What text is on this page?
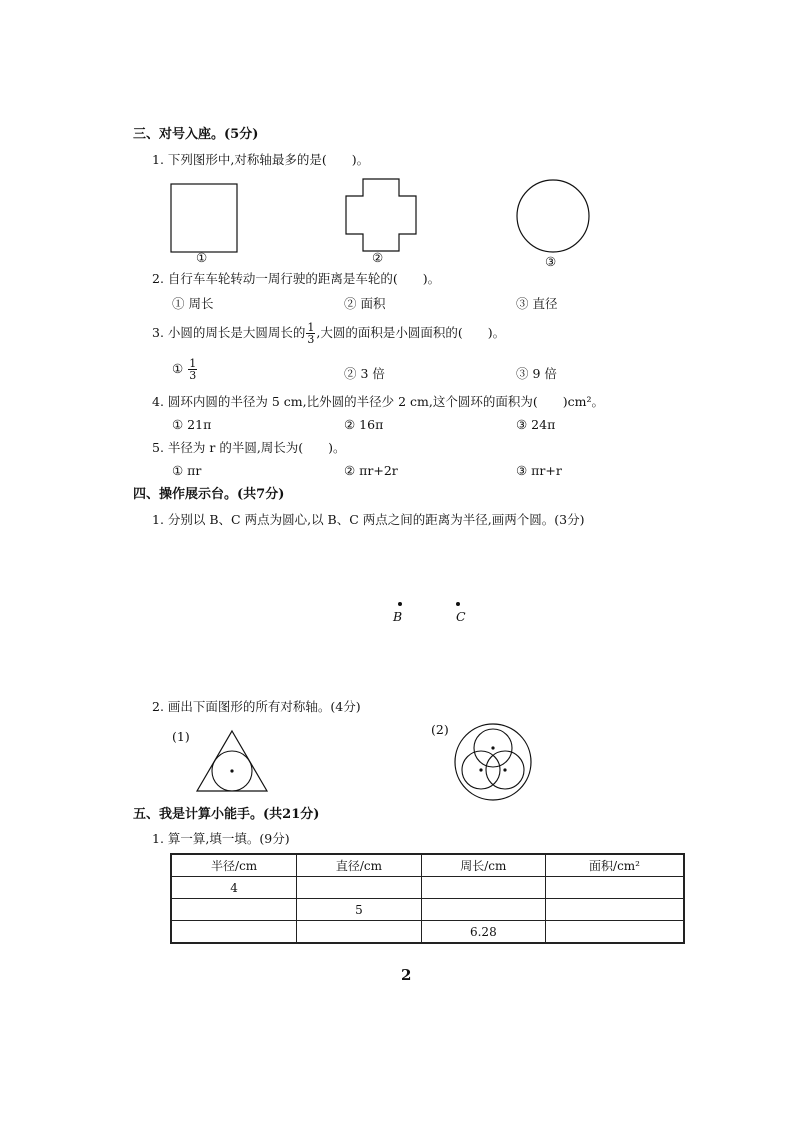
三、对号入座。(5分)
1. 下列图形中,对称轴最多的是(　　)。
①	②	③
2. 自行车车轮转动一周行驶的距离是车轮的(　　)。
① 周长	② 面积	③ 直径
3. 小圆的周长是大圆周长的 $\frac{1}{3}$ ,大圆的面积是小圆面积的(　　)。
① $\frac{1}{3}$	② 3 倍	③ 9 倍
4. 圆环内圆的半径为 5 cm,比外圆的半径少 2 cm,这个圆环的面积为(　　)cm²。
① 21π	② 16π	③ 24π
5. 半径为 r 的半圆,周长为(　　)。
① πr	② πr+2r	③ πr+r
四、操作展示台。(共7分)
1. 分别以 B、C 两点为圆心,以 B、C 两点之间的距离为半径,画两个圆。(3分)
B	C
2. 画出下面图形的所有对称轴。(4分)
(1)	(2)
五、我是计算小能手。(共21分)
1. 算一算,填一填。(9分)
半径/cm	直径/cm	周长/cm	面积/cm²
4			
	5		
		6.28	
2
